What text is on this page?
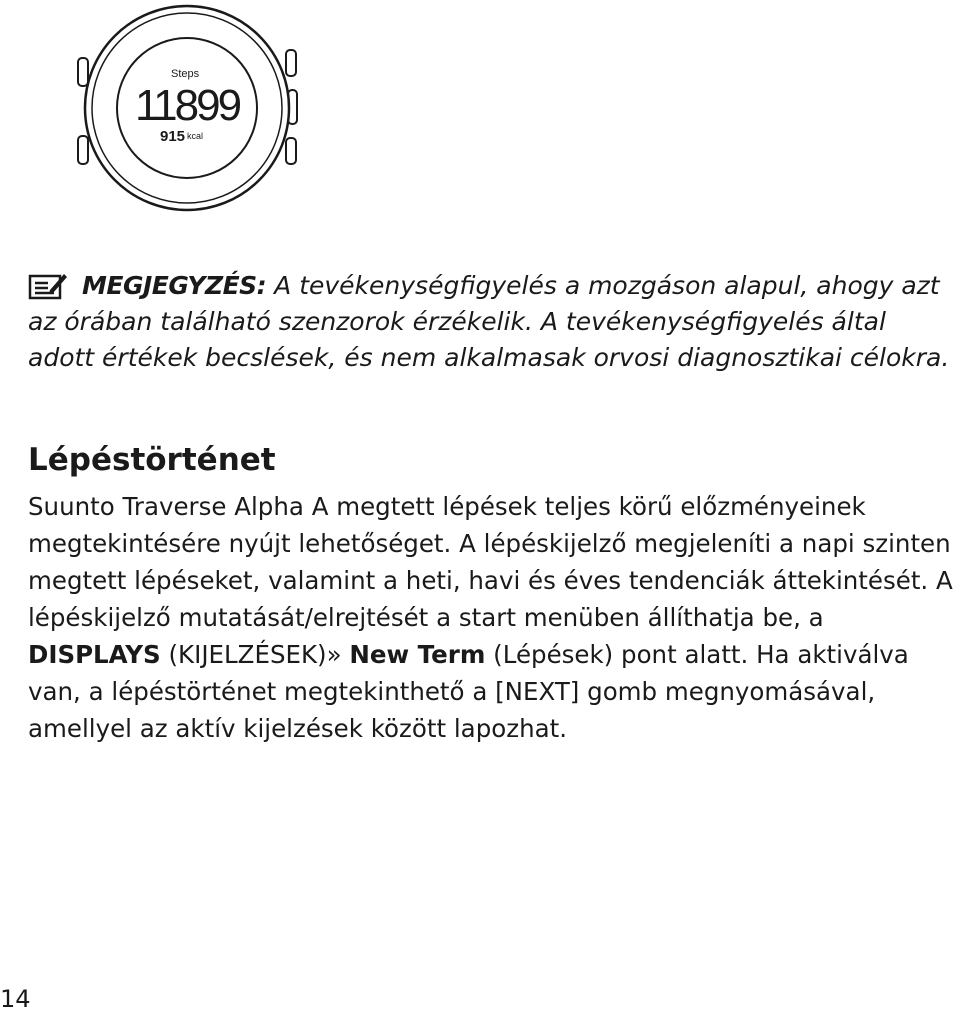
Steps
11899
915 kcal
MEGJEGYZÉS: A tevékenységfigyelés a mozgáson alapul, ahogy azt az órában található szenzorok érzékelik. A tevékenységfigyelés által adott értékek becslések, és nem alkalmasak orvosi diagnosztikai célokra.
Lépéstörténet

Suunto Traverse Alpha A megtett lépések teljes körű előzményeinek megtekintésére nyújt lehetőséget. A lépéskijelző megjeleníti a napi szinten megtett lépéseket, valamint a heti, havi és éves tendenciák áttekintését. A lépéskijelző mutatását/elrejtését a start menüben állíthatja be, a DISPLAYS (KIJELZÉSEK)» New Term (Lépések) pont alatt. Ha aktiválva van, a lépéstörténet megtekinthető a [NEXT] gomb megnyomásával, amellyel az aktív kijelzések között lapozhat.

14
